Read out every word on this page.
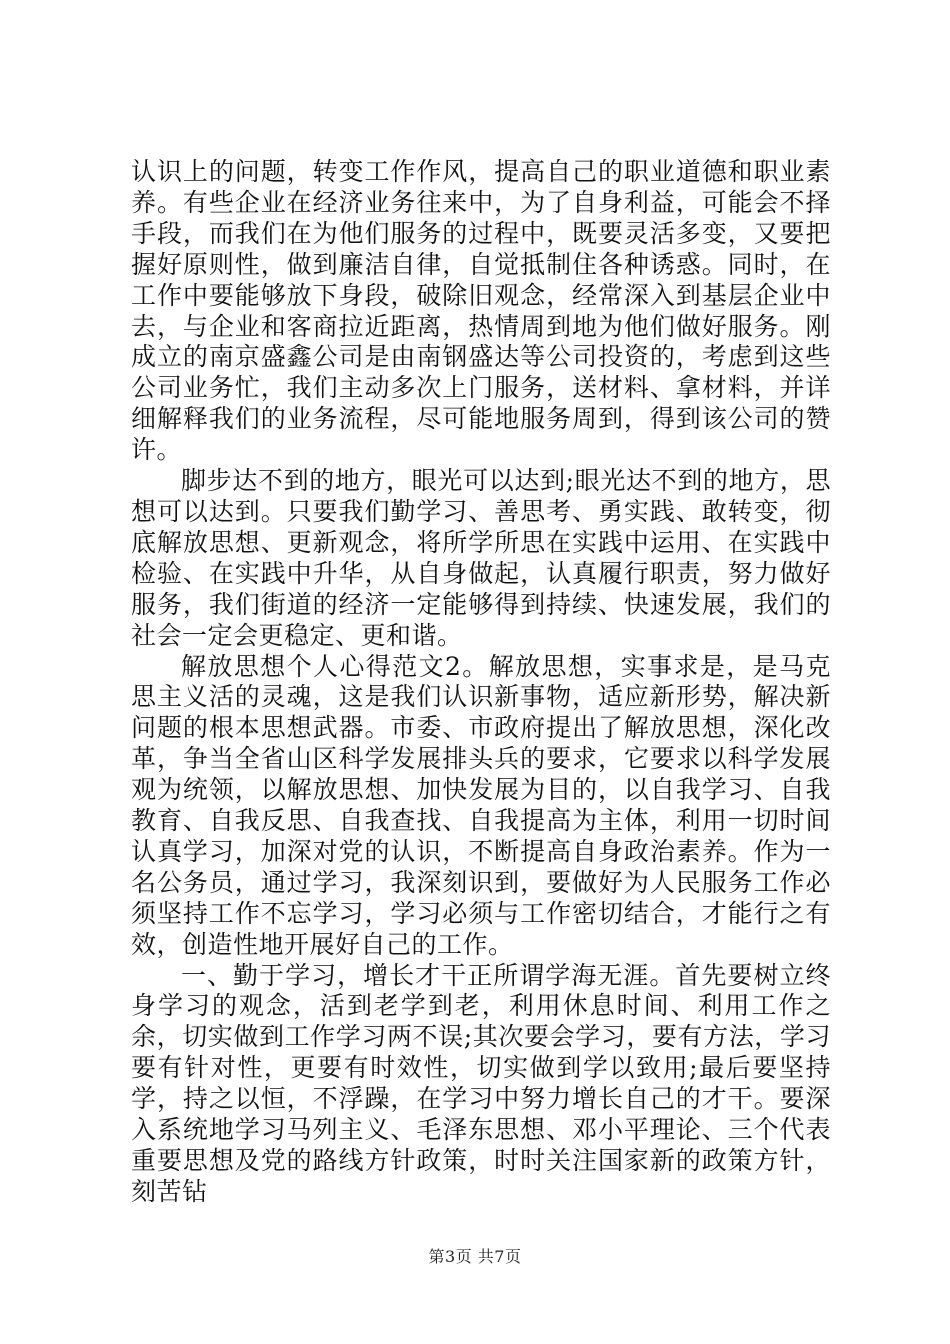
认识上的问题，转变工作作风，提高自己的职业道德和职业素养。有些企业在经济业务往来中，为了自身利益，可能会不择手段，而我们在为他们服务的过程中，既要灵活多变，又要把握好原则性，做到廉洁自律，自觉抵制住各种诱惑。同时，在工作中要能够放下身段，破除旧观念，经常深入到基层企业中去，与企业和客商拉近距离，热情周到地为他们做好服务。刚成立的南京盛鑫公司是由南钢盛达等公司投资的，考虑到这些公司业务忙，我们主动多次上门服务，送材料、拿材料，并详细解释我们的业务流程，尽可能地服务周到，得到该公司的赞许。

脚步达不到的地方，眼光可以达到;眼光达不到的地方，思想可以达到。只要我们勤学习、善思考、勇实践、敢转变，彻底解放思想、更新观念，将所学所思在实践中运用、在实践中检验、在实践中升华，从自身做起，认真履行职责，努力做好服务，我们街道的经济一定能够得到持续、快速发展，我们的社会一定会更稳定、更和谐。

解放思想个人心得范文2。解放思想，实事求是，是马克思主义活的灵魂，这是我们认识新事物，适应新形势，解决新问题的根本思想武器。市委、市政府提出了解放思想，深化改革，争当全省山区科学发展排头兵的要求，它要求以科学发展观为统领，以解放思想、加快发展为目的，以自我学习、自我教育、自我反思、自我查找、自我提高为主体，利用一切时间认真学习，加深对党的认识，不断提高自身政治素养。作为一名公务员，通过学习，我深刻识到，要做好为人民服务工作必须坚持工作不忘学习，学习必须与工作密切结合，才能行之有效，创造性地开展好自己的工作。

一、勤于学习，增长才干正所谓学海无涯。首先要树立终身学习的观念，活到老学到老，利用休息时间、利用工作之余，切实做到工作学习两不误;其次要会学习，要有方法，学习要有针对性，更要有时效性，切实做到学以致用;最后要坚持学，持之以恒，不浮躁，在学习中努力增长自己的才干。要深入系统地学习马列主义、毛泽东思想、邓小平理论、三个代表重要思想及党的路线方针政策，时时关注国家新的政策方针，刻苦钻

第3页 共7页
